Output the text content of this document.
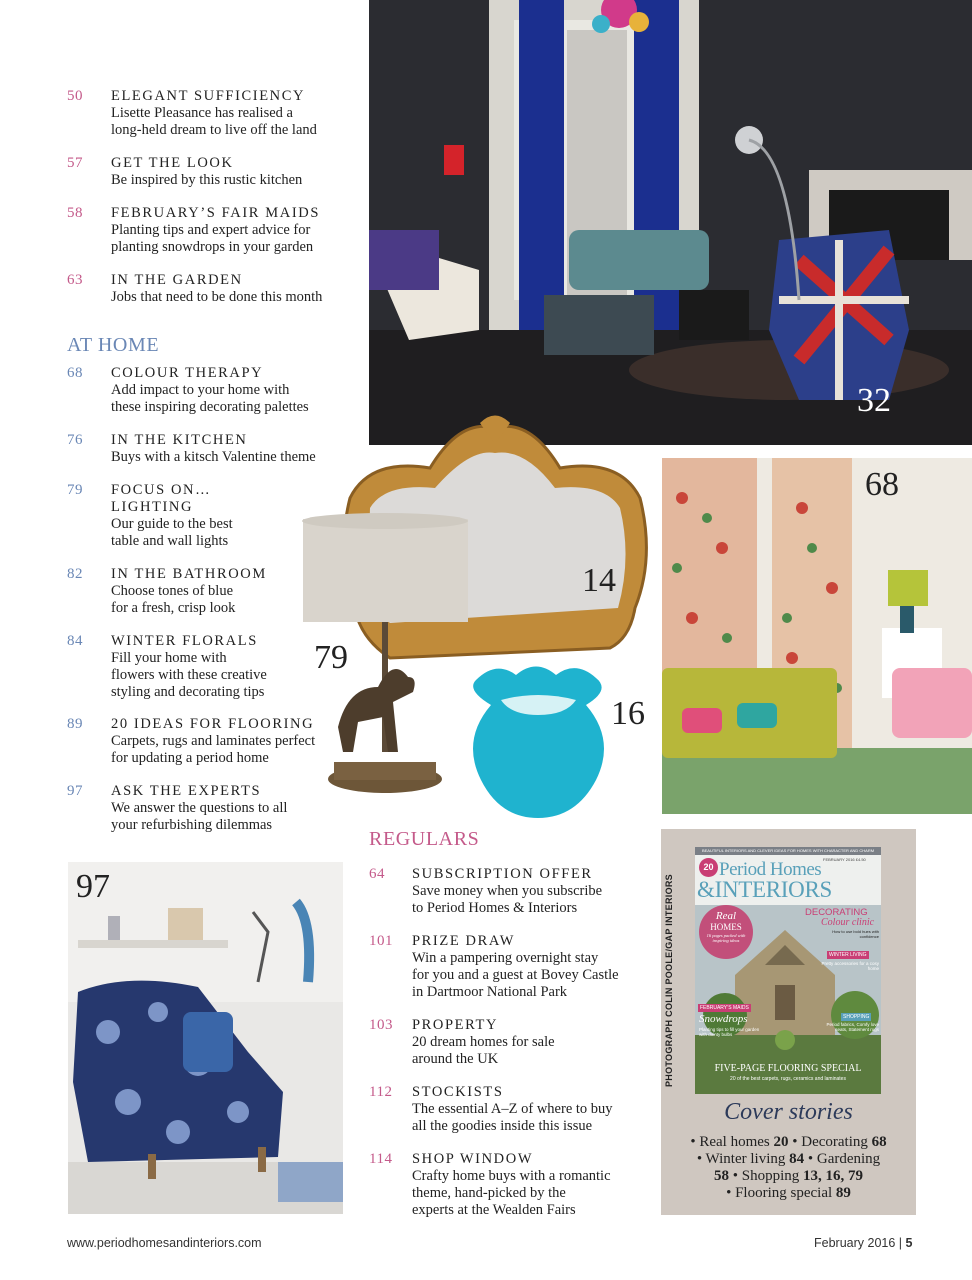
32
68
14
79
16
97
50	ELEGANT SUFFICIENCY
Lisette Pleasance has realised a
long-held dream to live off the land
57	GET THE LOOK
Be inspired by this rustic kitchen
58	FEBRUARY’S FAIR MAIDS
Planting tips and expert advice for
planting snowdrops in your garden
63	IN THE GARDEN
Jobs that need to be done this month
AT HOME
68	COLOUR THERAPY
Add impact to your home with
these inspiring decorating palettes
76	IN THE KITCHEN
Buys with a kitsch Valentine theme
79	FOCUS ON…
LIGHTING
Our guide to the best
table and wall lights
82	IN THE BATHROOM
Choose tones of blue
for a fresh, crisp look
84	WINTER FLORALS
Fill your home with
flowers with these creative
styling and decorating tips
89	20 IDEAS FOR FLOORING
Carpets, rugs and laminates perfect
for updating a period home
97	ASK THE EXPERTS
We answer the questions to all
your refurbishing dilemmas
REGULARS
64	SUBSCRIPTION OFFER
Save money when you subscribe
to Period Homes & Interiors
101	PRIZE DRAW
Win a pampering overnight stay
for you and a guest at Bovey Castle
in Dartmoor National Park
103	PROPERTY
20 dream homes for sale
around the UK
112	STOCKISTS
The essential A–Z of where to buy
all the goodies inside this issue
114	SHOP WINDOW
Crafty home buys with a romantic
theme, hand-picked by the
experts at the Wealden Fairs
PHOTOGRAPH COLIN POOLE/GAP INTERIORS
BEAUTIFUL INTERIORS AND CLEVER IDEAS FOR HOMES WITH CHARACTER AND CHARM
FEBRUARY 2016 £4.50
20 Period Homes
&INTERIORS
DECORATING
Colour clinic
How to use bold hues with confidence
Real
HOMES
16 pages packed with inspiring ideas
WINTER LIVING
Pretty accessories for a cosy home
FEBRUARY’S MAIDS
Snowdrops
Planting tips to fill your garden with dainty bulbs
SHOPPING
Period fabrics, Comfy love seats, Statement rugs
FIVE-PAGE FLOORING SPECIAL
20 of the best carpets, rugs, ceramics and laminates
Cover stories
• Real homes 20 • Decorating 68
• Winter living 84 • Gardening
58 • Shopping 13, 16, 79
• Flooring special 89
www.periodhomesandinteriors.com	February 2016 | 5
